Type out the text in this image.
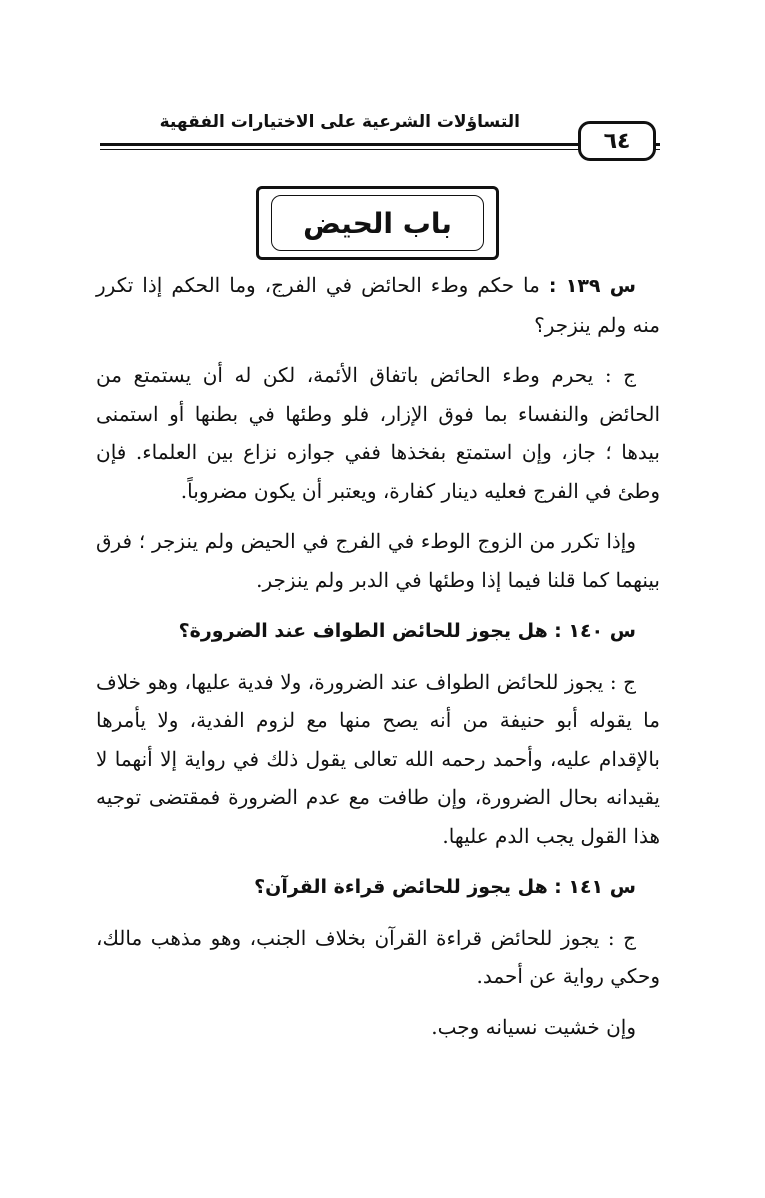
التساؤلات الشرعية على الاختيارات الفقهية
٦٤
باب الحيض

س ١٣٩ : ما حكم وطء الحائض في الفرج، وما الحكم إذا تكرر منه ولم ينزجر؟

ج : يحرم وطء الحائض باتفاق الأئمة، لكن له أن يستمتع من الحائض والنفساء بما فوق الإزار، فلو وطئها في بطنها أو استمنى بيدها ؛ جاز، وإن استمتع بفخذها ففي جوازه نزاع بين العلماء. فإن وطئ في الفرج فعليه دينار كفارة، ويعتبر أن يكون مضروباً.

وإذا تكرر من الزوج الوطء في الفرج في الحيض ولم ينزجر ؛ فرق بينهما كما قلنا فيما إذا وطئها في الدبر ولم ينزجر.

س ١٤٠ : هل يجوز للحائض الطواف عند الضرورة؟

ج : يجوز للحائض الطواف عند الضرورة، ولا فدية عليها، وهو خلاف ما يقوله أبو حنيفة من أنه يصح منها مع لزوم الفدية، ولا يأمرها بالإقدام عليه، وأحمد رحمه الله تعالى يقول ذلك في رواية إلا أنهما لا يقيدانه بحال الضرورة، وإن طافت مع عدم الضرورة فمقتضى توجيه هذا القول يجب الدم عليها.

س ١٤١ : هل يجوز للحائض قراءة القرآن؟

ج : يجوز للحائض قراءة القرآن بخلاف الجنب، وهو مذهب مالك، وحكي رواية عن أحمد.

وإن خشيت نسيانه وجب.
